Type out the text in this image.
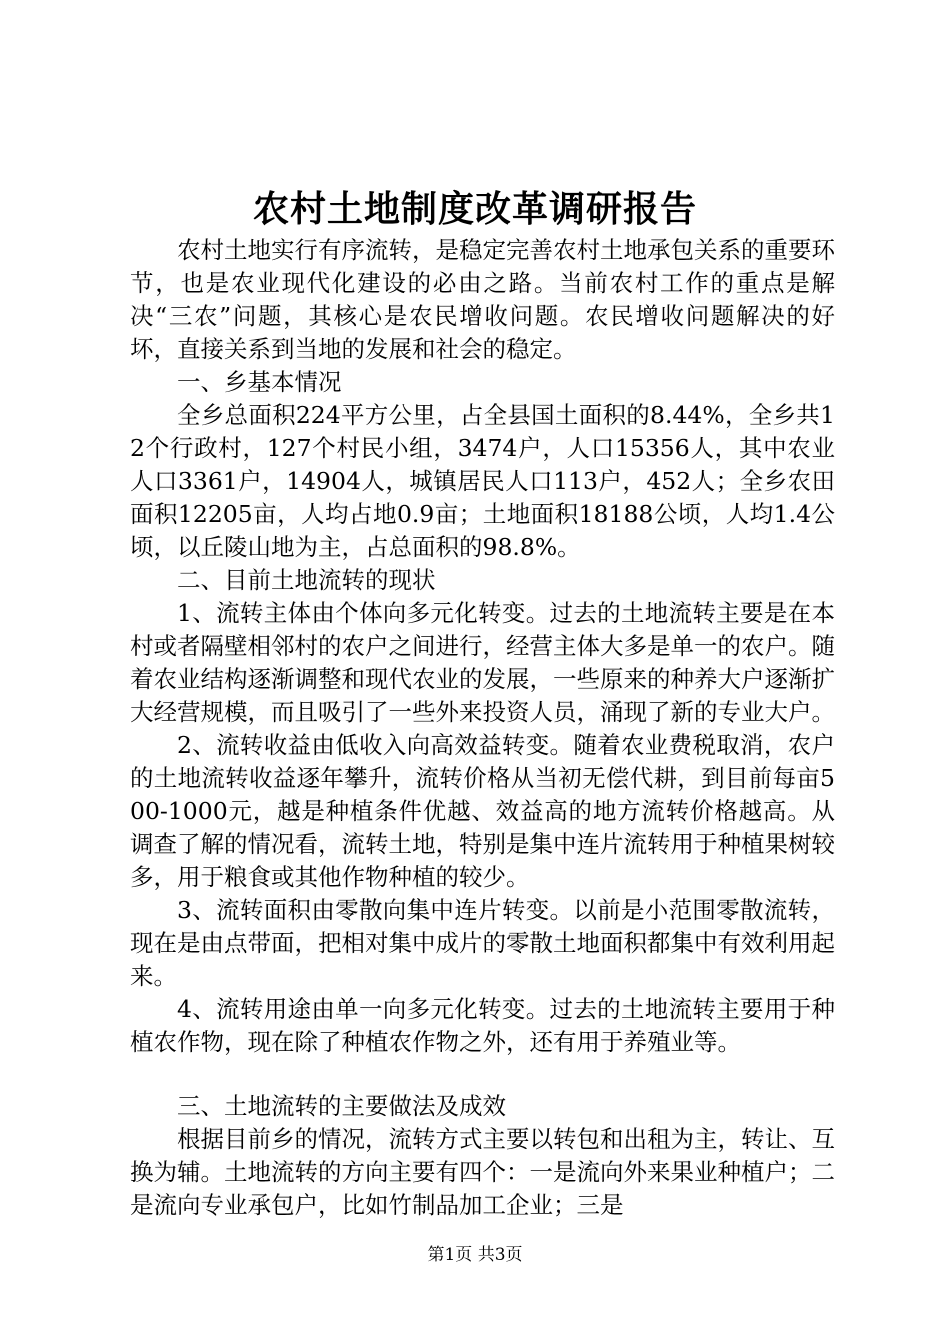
农村土地制度改革调研报告

农村土地实行有序流转，是稳定完善农村土地承包关系的重要环节，也是农业现代化建设的必由之路。当前农村工作的重点是解决“三农”问题，其核心是农民增收问题。农民增收问题解决的好坏，直接关系到当地的发展和社会的稳定。

一、乡基本情况

全乡总面积224平方公里，占全县国土面积的8.44%，全乡共12个行政村，127个村民小组，3474户，人口15356人，其中农业人口3361户，14904人，城镇居民人口113户，452人；全乡农田面积12205亩，人均占地0.9亩；土地面积18188公顷，人均1.4公顷，以丘陵山地为主，占总面积的98.8%。

二、目前土地流转的现状

1、流转主体由个体向多元化转变。过去的土地流转主要是在本村或者隔壁相邻村的农户之间进行，经营主体大多是单一的农户。随着农业结构逐渐调整和现代农业的发展，一些原来的种养大户逐渐扩大经营规模，而且吸引了一些外来投资人员，涌现了新的专业大户。

2、流转收益由低收入向高效益转变。随着农业费税取消，农户的土地流转收益逐年攀升，流转价格从当初无偿代耕，到目前每亩500-1000元，越是种植条件优越、效益高的地方流转价格越高。从调查了解的情况看，流转土地，特别是集中连片流转用于种植果树较多，用于粮食或其他作物种植的较少。

3、流转面积由零散向集中连片转变。以前是小范围零散流转，现在是由点带面，把相对集中成片的零散土地面积都集中有效利用起来。

4、流转用途由单一向多元化转变。过去的土地流转主要用于种植农作物，现在除了种植农作物之外，还有用于养殖业等。

三、土地流转的主要做法及成效

根据目前乡的情况，流转方式主要以转包和出租为主，转让、互换为辅。土地流转的方向主要有四个：一是流向外来果业种植户；二是流向专业承包户，比如竹制品加工企业；三是

第1页 共3页
